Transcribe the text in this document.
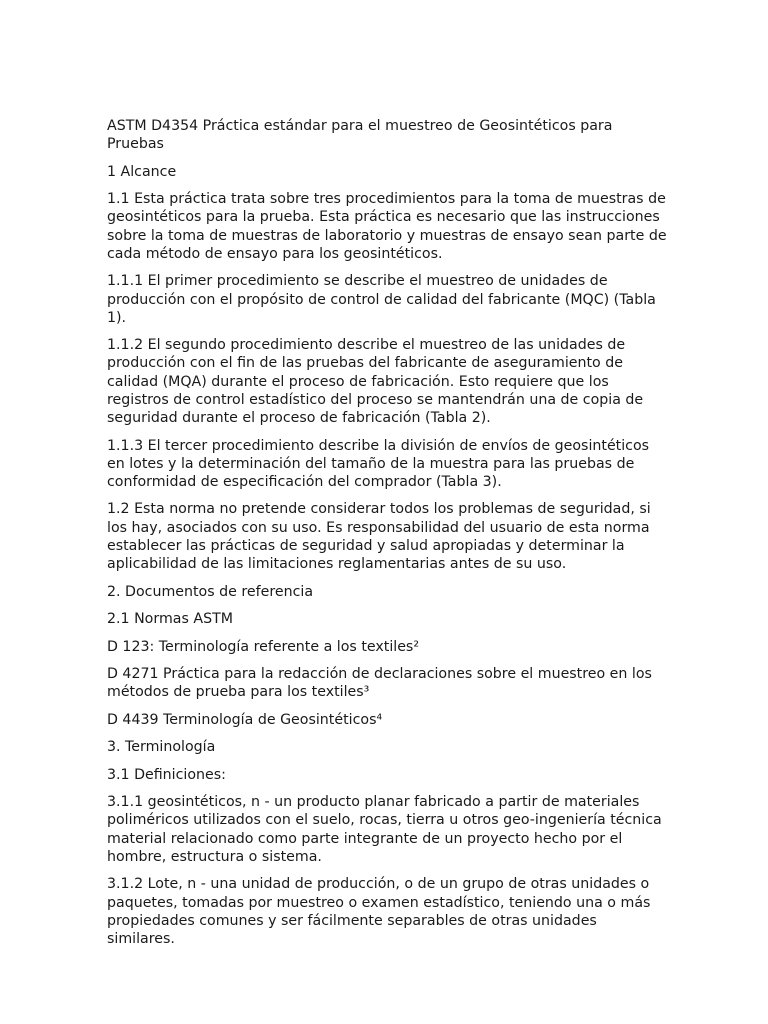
ASTM D4354 Práctica estándar para el muestreo de Geosintéticos para Pruebas

1 Alcance

1.1 Esta práctica trata sobre tres procedimientos para la toma de muestras de geosintéticos para la prueba. Esta práctica es necesario que las instrucciones sobre la toma de muestras de laboratorio y muestras de ensayo sean parte de cada método de ensayo para los geosintéticos.

1.1.1 El primer procedimiento se describe el muestreo de unidades de producción con el propósito de control de calidad del fabricante (MQC) (Tabla 1).

1.1.2 El segundo procedimiento describe el muestreo de las unidades de producción con el fin de las pruebas del fabricante de aseguramiento de calidad (MQA) durante el proceso de fabricación. Esto requiere que los registros de control estadístico del proceso se mantendrán una de copia de seguridad durante el proceso de fabricación (Tabla 2).

1.1.3 El tercer procedimiento describe la división de envíos de geosintéticos en lotes y la determinación del tamaño de la muestra para las pruebas de conformidad de especificación del comprador (Tabla 3).

1.2 Esta norma no pretende considerar todos los problemas de seguridad, si los hay, asociados con su uso. Es responsabilidad del usuario de esta norma establecer las prácticas de seguridad y salud apropiadas y determinar la aplicabilidad de las limitaciones reglamentarias antes de su uso.

2. Documentos de referencia

2.1 Normas ASTM

D 123: Terminología referente a los textiles²

D 4271 Práctica para la redacción de declaraciones sobre el muestreo en los métodos de prueba para los textiles³

D 4439 Terminología de Geosintéticos⁴

3. Terminología

3.1 Definiciones:

3.1.1 geosintéticos, n - un producto planar fabricado a partir de materiales poliméricos utilizados con el suelo, rocas, tierra u otros geo-ingeniería técnica material relacionado como parte integrante de un proyecto hecho por el hombre, estructura o sistema.

3.1.2 Lote, n - una unidad de producción, o de un grupo de otras unidades o paquetes, tomadas por muestreo o examen estadístico, teniendo una o más propiedades comunes y ser fácilmente separables de otras unidades similares.
